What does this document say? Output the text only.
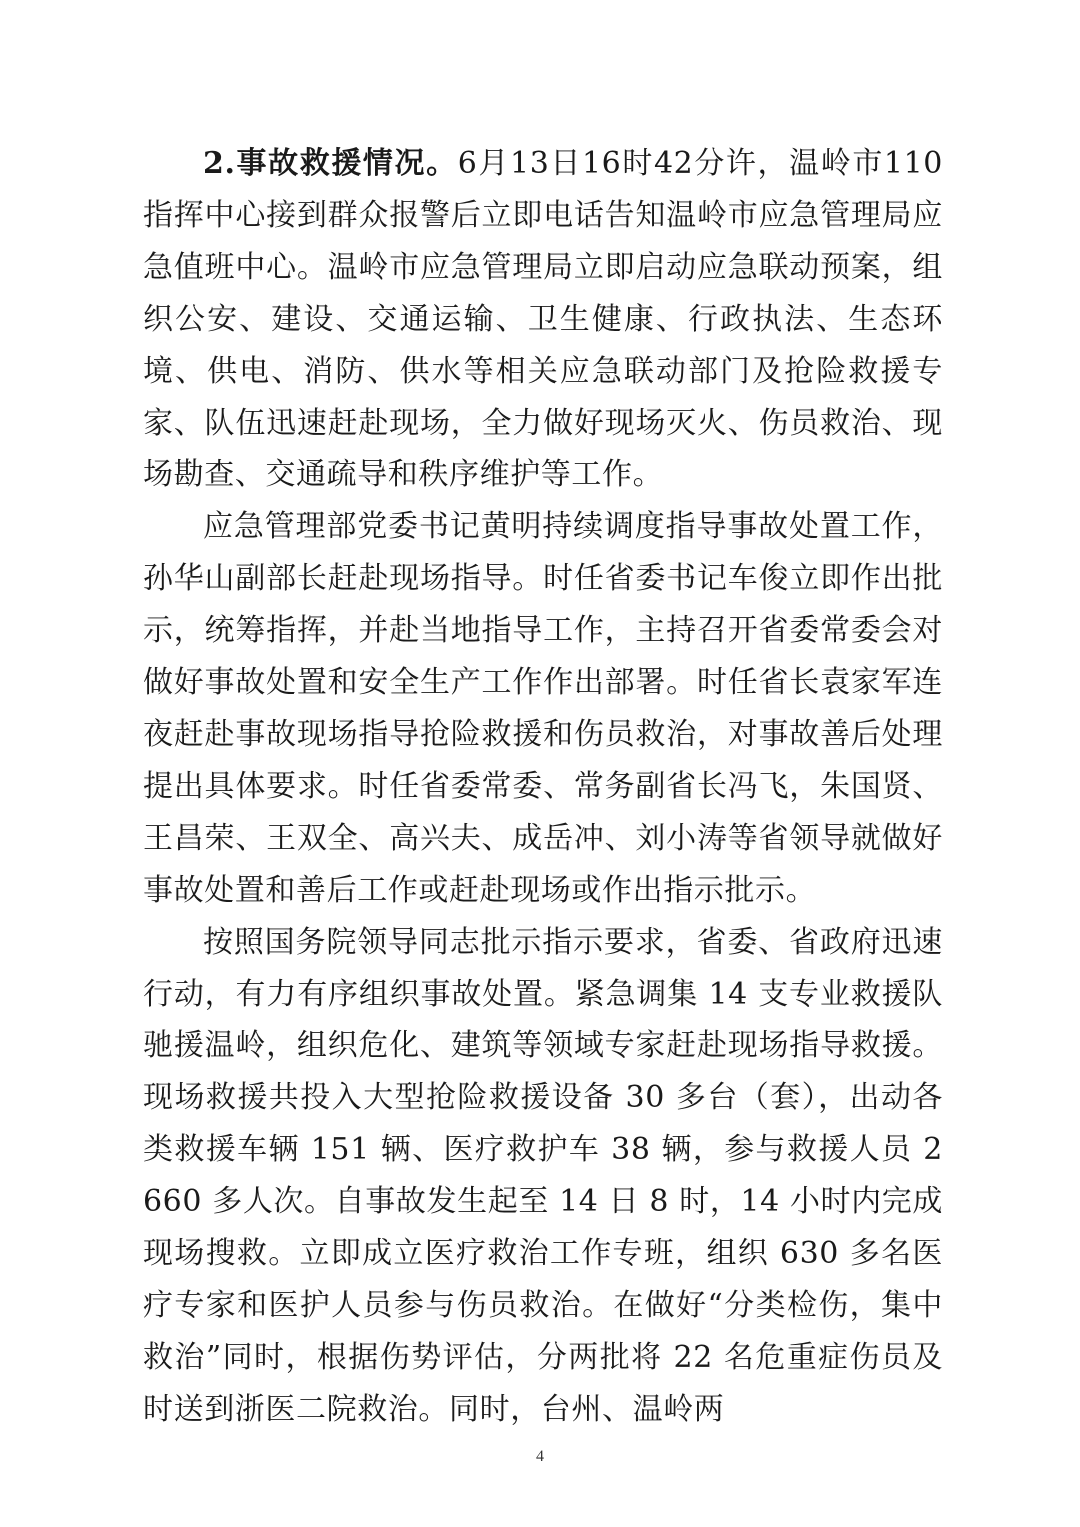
2.事故救援情况。6月13日16时42分许，温岭市110指挥中心接到群众报警后立即电话告知温岭市应急管理局应急值班中心。温岭市应急管理局立即启动应急联动预案，组织公安、建设、交通运输、卫生健康、行政执法、生态环境、供电、消防、供水等相关应急联动部门及抢险救援专家、队伍迅速赶赴现场，全力做好现场灭火、伤员救治、现场勘查、交通疏导和秩序维护等工作。

应急管理部党委书记黄明持续调度指导事故处置工作，孙华山副部长赶赴现场指导。时任省委书记车俊立即作出批示，统筹指挥，并赴当地指导工作，主持召开省委常委会对做好事故处置和安全生产工作作出部署。时任省长袁家军连夜赶赴事故现场指导抢险救援和伤员救治，对事故善后处理提出具体要求。时任省委常委、常务副省长冯飞，朱国贤、王昌荣、王双全、高兴夫、成岳冲、刘小涛等省领导就做好事故处置和善后工作或赶赴现场或作出指示批示。

按照国务院领导同志批示指示要求，省委、省政府迅速行动，有力有序组织事故处置。紧急调集 14 支专业救援队驰援温岭，组织危化、建筑等领域专家赶赴现场指导救援。现场救援共投入大型抢险救援设备 30 多台（套），出动各类救援车辆 151 辆、医疗救护车 38 辆，参与救援人员 2660 多人次。自事故发生起至 14 日 8 时，14 小时内完成现场搜救。立即成立医疗救治工作专班，组织 630 多名医疗专家和医护人员参与伤员救治。在做好“分类检伤，集中救治”同时，根据伤势评估，分两批将 22 名危重症伤员及时送到浙医二院救治。同时，台州、温岭两

4
